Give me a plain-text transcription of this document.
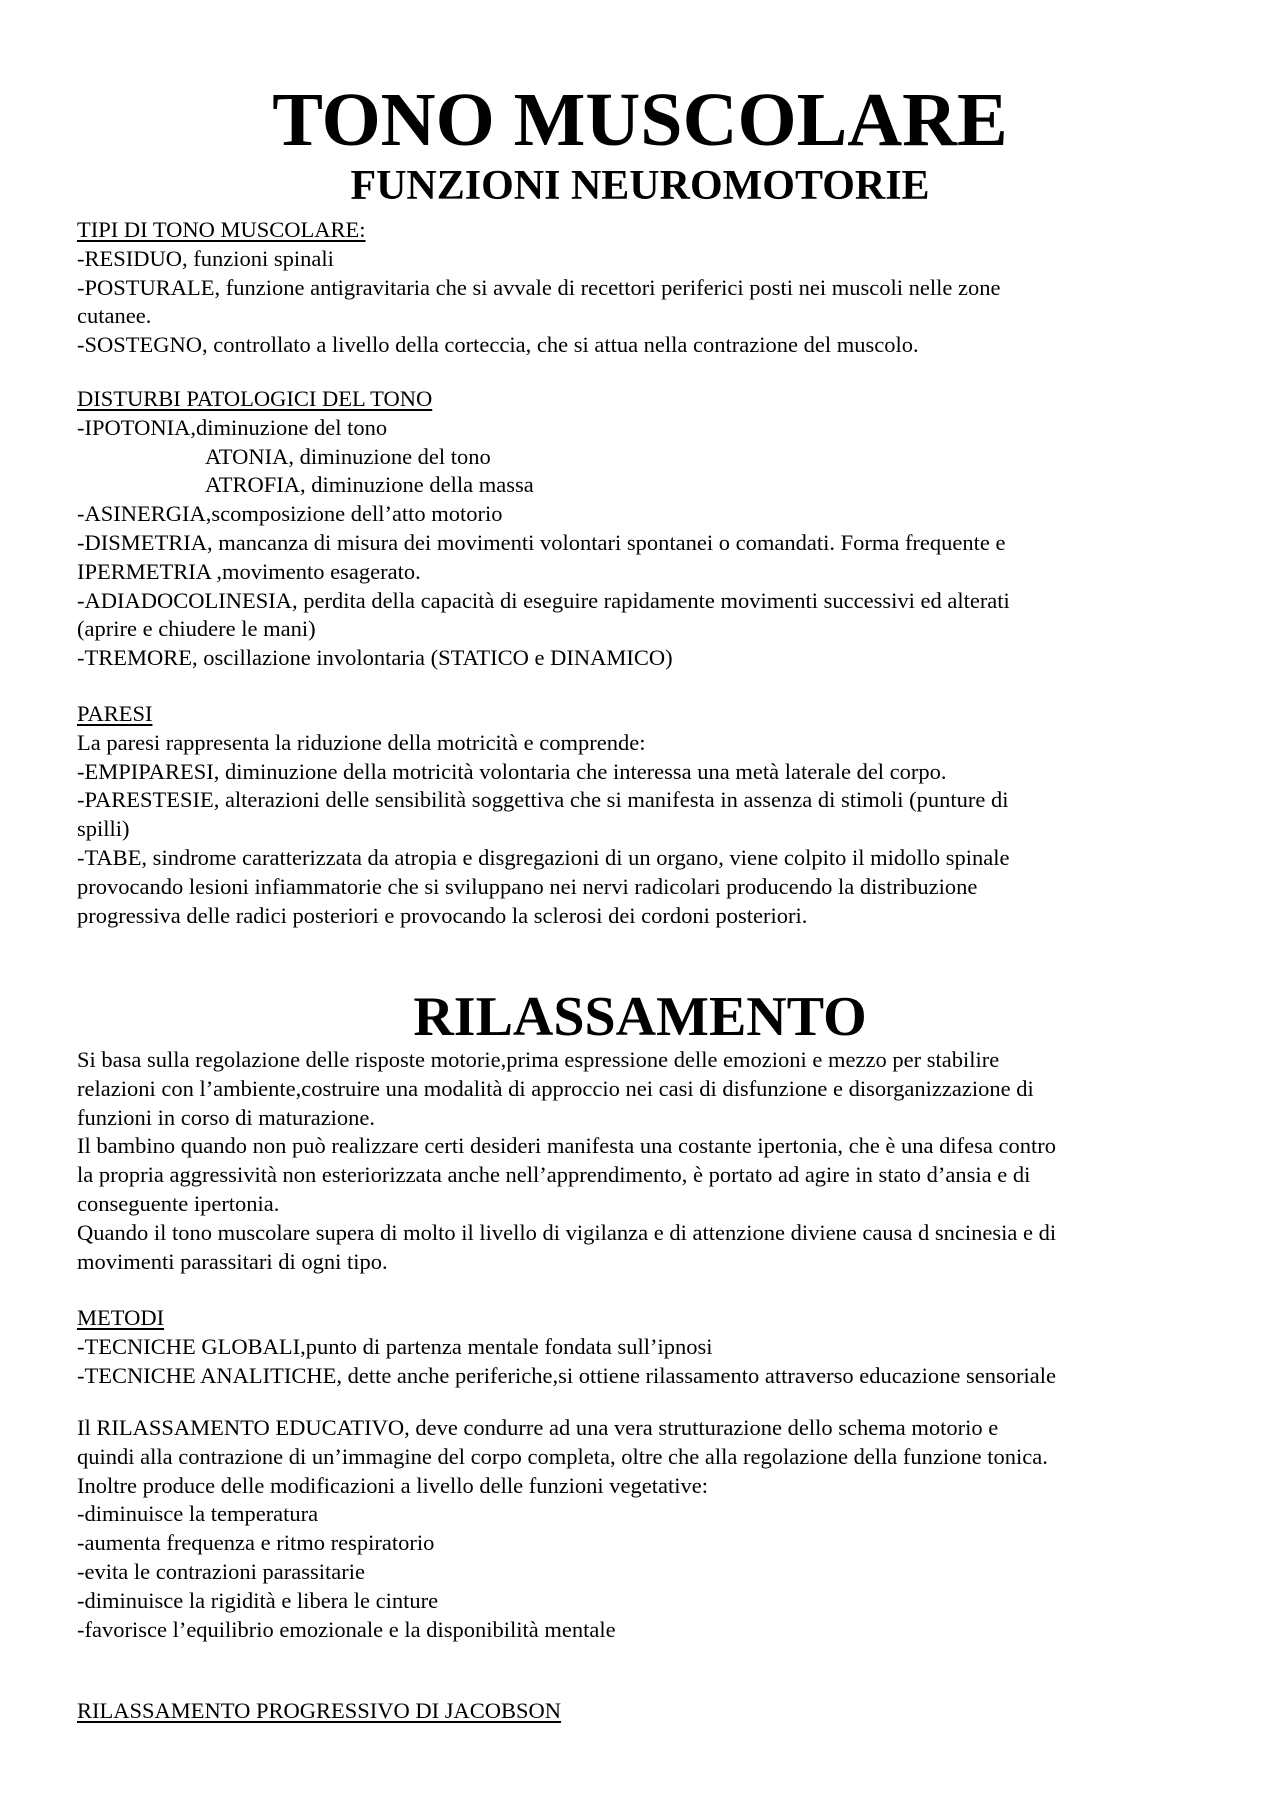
TONO MUSCOLARE
FUNZIONI NEUROMOTORIE
TIPI DI TONO MUSCOLARE:
-RESIDUO, funzioni spinali
-POSTURALE, funzione antigravitaria che si avvale di recettori periferici posti nei muscoli nelle zone
cutanee.
-SOSTEGNO, controllato a livello della corteccia, che si attua nella contrazione del muscolo.
DISTURBI PATOLOGICI DEL TONO
-IPOTONIA,diminuzione del tono
ATONIA, diminuzione del tono
ATROFIA, diminuzione della massa
-ASINERGIA,scomposizione dell’atto motorio
-DISMETRIA, mancanza di misura dei movimenti volontari spontanei o comandati. Forma frequente e
IPERMETRIA ,movimento esagerato.
-ADIADOCOLINESIA, perdita della capacità di eseguire rapidamente movimenti successivi ed alterati
(aprire e chiudere le mani)
-TREMORE, oscillazione involontaria (STATICO e DINAMICO)
PARESI
La paresi rappresenta la riduzione della motricità e comprende:
-EMPIPARESI, diminuzione della motricità volontaria che interessa una metà laterale del corpo.
-PARESTESIE, alterazioni delle sensibilità soggettiva che si manifesta in assenza di stimoli (punture di
spilli)
-TABE, sindrome caratterizzata da atropia e disgregazioni di un organo, viene colpito il midollo spinale
provocando lesioni infiammatorie che si sviluppano nei nervi radicolari producendo la distribuzione
progressiva delle radici posteriori e provocando la sclerosi dei cordoni posteriori.
RILASSAMENTO
Si basa sulla regolazione delle risposte motorie,prima espressione delle emozioni e mezzo per stabilire
relazioni con l’ambiente,costruire una modalità di approccio nei casi di disfunzione e disorganizzazione di
funzioni in corso di maturazione.
Il bambino quando non può realizzare certi desideri manifesta una costante ipertonia, che è una difesa contro
la propria aggressività non esteriorizzata anche nell’apprendimento, è portato ad agire in stato d’ansia e di
conseguente ipertonia.
Quando il tono muscolare supera di molto il livello di vigilanza e di attenzione diviene causa d sncinesia e di
movimenti parassitari di ogni tipo.
METODI
-TECNICHE GLOBALI,punto di partenza mentale fondata sull’ipnosi
-TECNICHE ANALITICHE, dette anche periferiche,si ottiene rilassamento attraverso educazione sensoriale
Il RILASSAMENTO EDUCATIVO, deve condurre ad una vera strutturazione dello schema motorio e
quindi alla contrazione di un’immagine del corpo completa, oltre che alla regolazione della funzione tonica.
Inoltre produce delle modificazioni a livello delle funzioni vegetative:
-diminuisce la temperatura
-aumenta frequenza e ritmo respiratorio
-evita le contrazioni parassitarie
-diminuisce la rigidità e libera le cinture
-favorisce l’equilibrio emozionale e la disponibilità mentale
RILASSAMENTO PROGRESSIVO DI JACOBSON
